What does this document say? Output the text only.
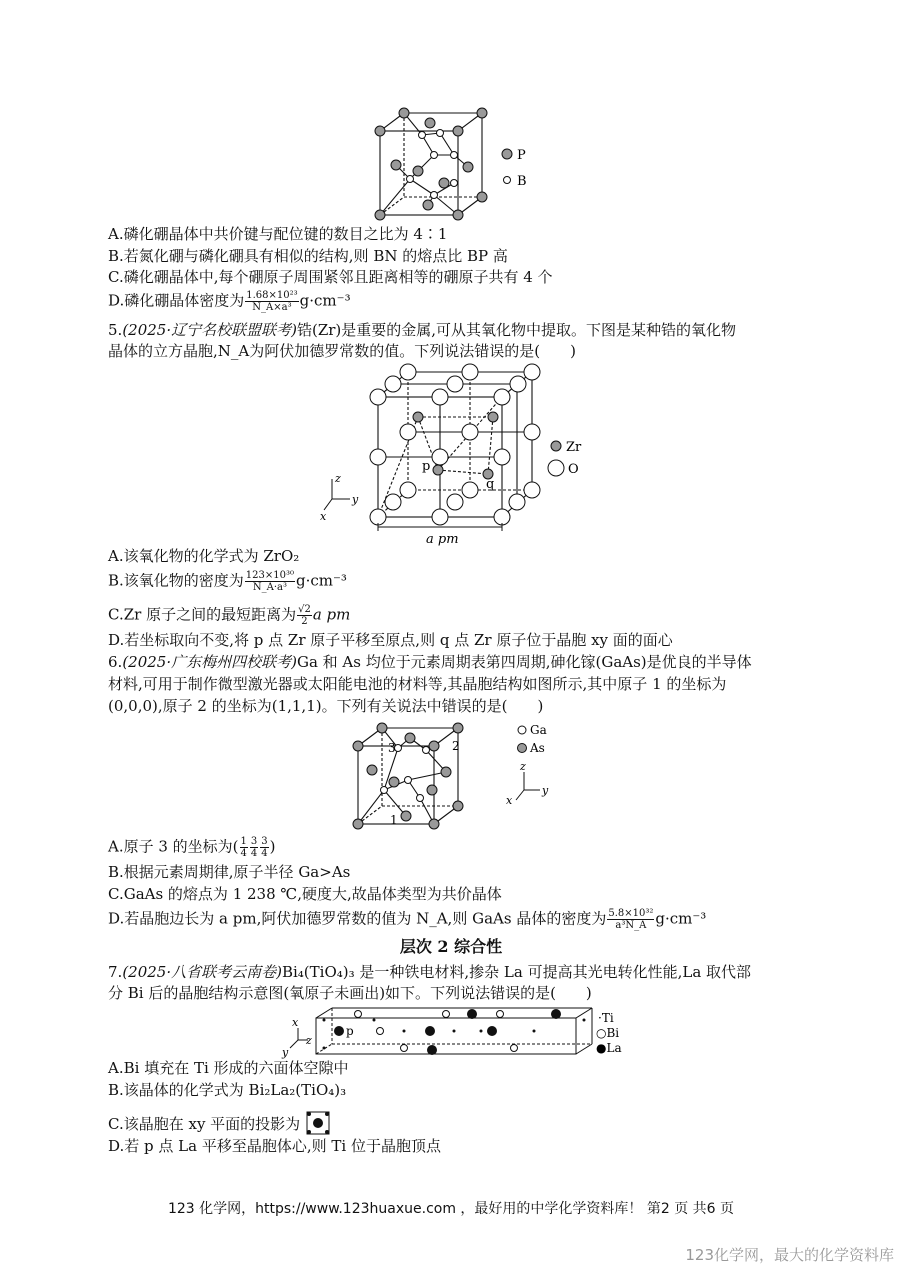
P
B
A.磷化硼晶体中共价键与配位键的数目之比为 4∶1
B.若氮化硼与磷化硼具有相似的结构,则 BN 的熔点比 BP 高
C.磷化硼晶体中,每个硼原子周围紧邻且距离相等的硼原子共有 4 个
D.磷化硼晶体密度为 $\frac{\text{1.68×10²³}}{\text{N\_A×a³}} g\cdot cm^{-3}$
5.(2025·辽宁名校联盟联考)锆(Zr)是重要的金属,可从其氧化物中提取。下图是某种锆的氧化物
晶体的立方晶胞,N_A为阿伏加德罗常数的值。下列说法错误的是(　　)
p
q
Zr
O
z
y
x
a pm
A.该氧化物的化学式为 ZrO₂
B.该氧化物的密度为 $\frac{\text{123×10³⁰}}{\text{N\_A·a³}} g\cdot cm^{-3}$
C.Zr 原子之间的最短距离为 $\frac{√2}{2}$ a pm
D.若坐标取向不变,将 p 点 Zr 原子平移至原点,则 q 点 Zr 原子位于晶胞 xy 面的面心
6.(2025·广东梅州四校联考)Ga 和 As 均位于元素周期表第四周期,砷化镓(GaAs)是优良的半导体
材料,可用于制作微型激光器或太阳能电池的材料等,其晶胞结构如图所示,其中原子 1 的坐标为
(0,0,0),原子 2 的坐标为(1,1,1)。下列有关说法中错误的是(　　)
3	2
1
Ga
As
z
y
x
A.原子 3 的坐标为( $\frac{1}{4} \frac{3}{4} \frac{3}{4}$ )
B.根据元素周期律,原子半径 Ga>As
C.GaAs 的熔点为 1 238 ℃,硬度大,故晶体类型为共价晶体
D.若晶胞边长为 a pm,阿伏加德罗常数的值为 N_A,则 GaAs 晶体的密度为 $\frac{\text{5.8×10³²}}{\text{a³N\_A}} g\cdot cm^{-3}$
层次 2 综合性
7.(2025·八省联考云南卷)Bi₄(TiO₄)₃ 是一种铁电材料,掺杂 La 可提高其光电转化性能,La 取代部
分 Bi 后的晶胞结构示意图(氧原子未画出)如下。下列说法错误的是(　　)
p
x
z
y
·Ti
○Bi
●La
A.Bi 填充在 Ti 形成的六面体空隙中
B.该晶体的化学式为 Bi₂La₂(TiO₄)₃
C.该晶胞在 xy 平面的投影为
D.若 p 点 La 平移至晶胞体心,则 Ti 位于晶胞顶点
123 化学网，https://www.123huaxue.com ，最好用的中学化学资料库！ 第2 页 共6 页
123化学网，最大的化学资料库
